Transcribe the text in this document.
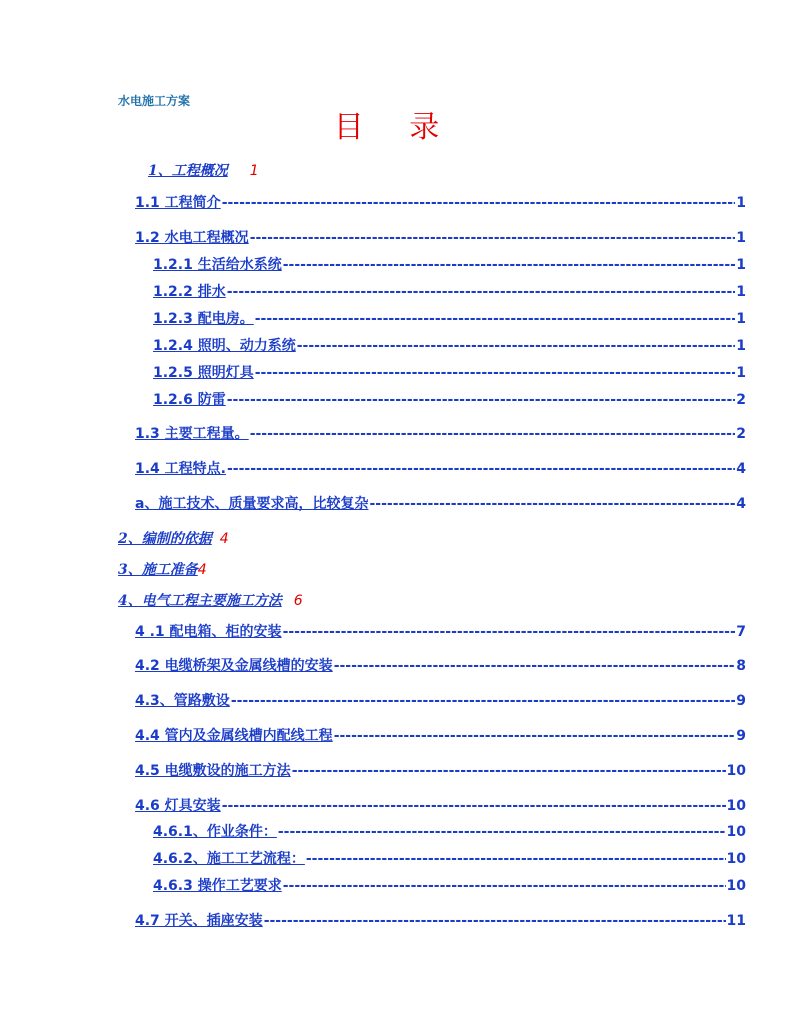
水电施工方案
目 录
1、工程概况 1
1.1 工程简介 -----	1
1.2 水电工程概况 -----	1
1.2.1 生活给水系统 -----	1
1.2.2 排水 -----	1
1.2.3 配电房。 -----	1
1.2.4 照明、动力系统 -----	1
1.2.5 照明灯具 -----	1
1.2.6 防雷 -----	2
1.3 主要工程量。 -----	2
1.4 工程特点. -----	4
a、施工技术、质量要求高，比较复杂 -----	4
2、编制的依据 4
3、施工准备4
4、电气工程主要施工方法 6
4 .1 配电箱、柜的安装 -----	7
4.2 电缆桥架及金属线槽的安装 -----	8
4.3、管路敷设 -----	9
4.4 管内及金属线槽内配线工程 -----	9
4.5 电缆敷设的施工方法 -----	10
4.6 灯具安装 -----	10
4.6.1、作业条件： -----	10
4.6.2、施工工艺流程： -----	10
4.6.3 操作工艺要求 -----	10
4.7 开关、插座安装 -----	11
